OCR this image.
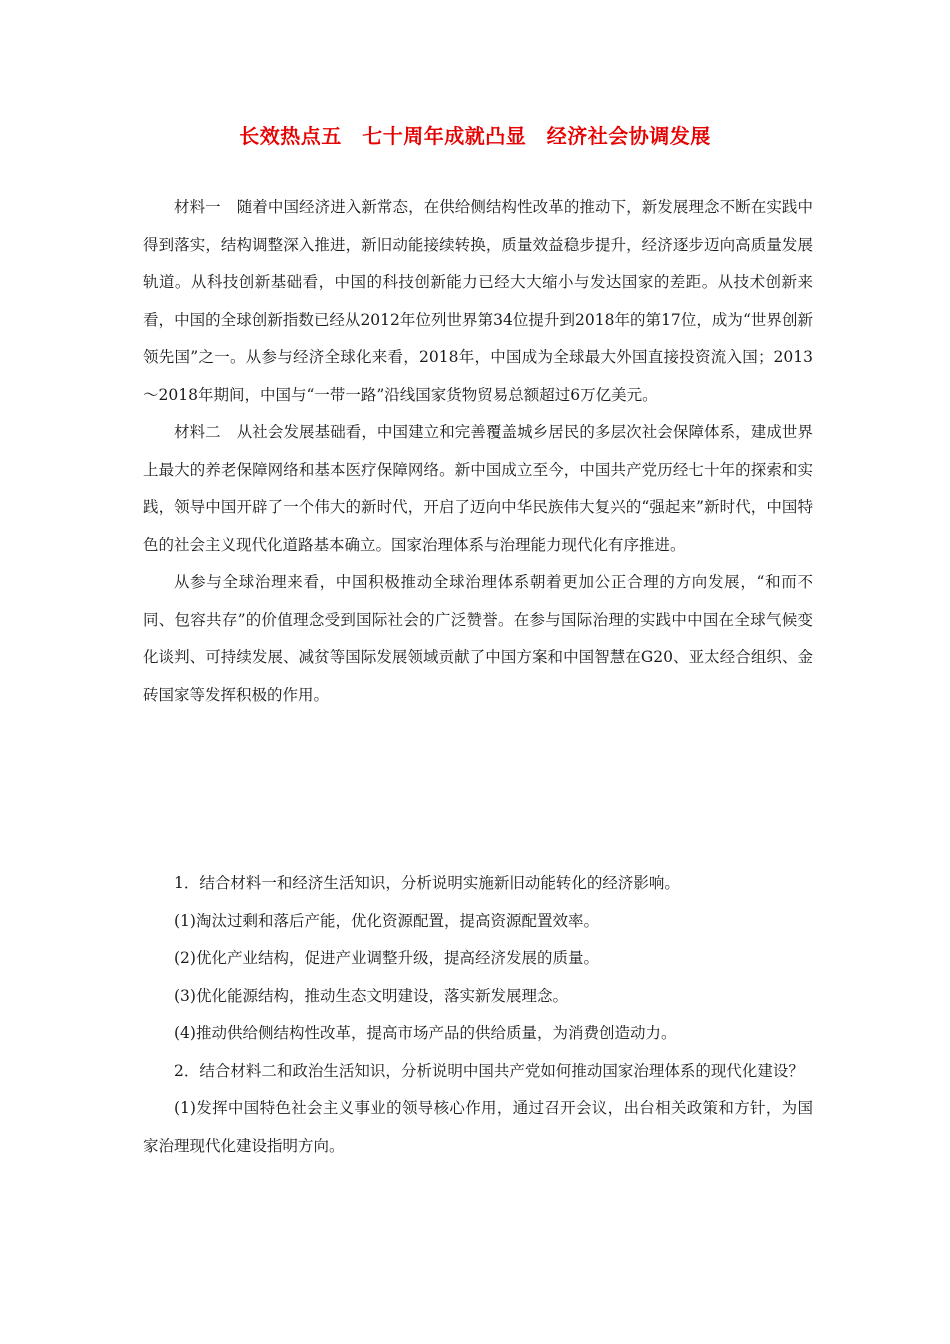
长效热点五　七十周年成就凸显　经济社会协调发展

材料一 随着中国经济进入新常态，在供给侧结构性改革的推动下，新发展理念不断在实践中得到落实，结构调整深入推进，新旧动能接续转换，质量效益稳步提升，经济逐步迈向高质量发展轨道。从科技创新基础看，中国的科技创新能力已经大大缩小与发达国家的差距。从技术创新来看，中国的全球创新指数已经从2012年位列世界第34位提升到2018年的第17位，成为“世界创新领先国”之一。从参与经济全球化来看，2018年，中国成为全球最大外国直接投资流入国；2013～2018年期间，中国与“一带一路”沿线国家货物贸易总额超过6万亿美元。

材料二 从社会发展基础看，中国建立和完善覆盖城乡居民的多层次社会保障体系，建成世界上最大的养老保障网络和基本医疗保障网络。新中国成立至今，中国共产党历经七十年的探索和实践，领导中国开辟了一个伟大的新时代，开启了迈向中华民族伟大复兴的“强起来”新时代，中国特色的社会主义现代化道路基本确立。国家治理体系与治理能力现代化有序推进。

从参与全球治理来看，中国积极推动全球治理体系朝着更加公正合理的方向发展，“和而不同、包容共存”的价值理念受到国际社会的广泛赞誉。在参与国际治理的实践中中国在全球气候变化谈判、可持续发展、减贫等国际发展领域贡献了中国方案和中国智慧在G20、亚太经合组织、金砖国家等发挥积极的作用。

1．结合材料一和经济生活知识，分析说明实施新旧动能转化的经济影响。

(1)淘汰过剩和落后产能，优化资源配置，提高资源配置效率。

(2)优化产业结构，促进产业调整升级，提高经济发展的质量。

(3)优化能源结构，推动生态文明建设，落实新发展理念。

(4)推动供给侧结构性改革，提高市场产品的供给质量，为消费创造动力。

2．结合材料二和政治生活知识，分析说明中国共产党如何推动国家治理体系的现代化建设？

(1)发挥中国特色社会主义事业的领导核心作用，通过召开会议，出台相关政策和方针，为国家治理现代化建设指明方向。
